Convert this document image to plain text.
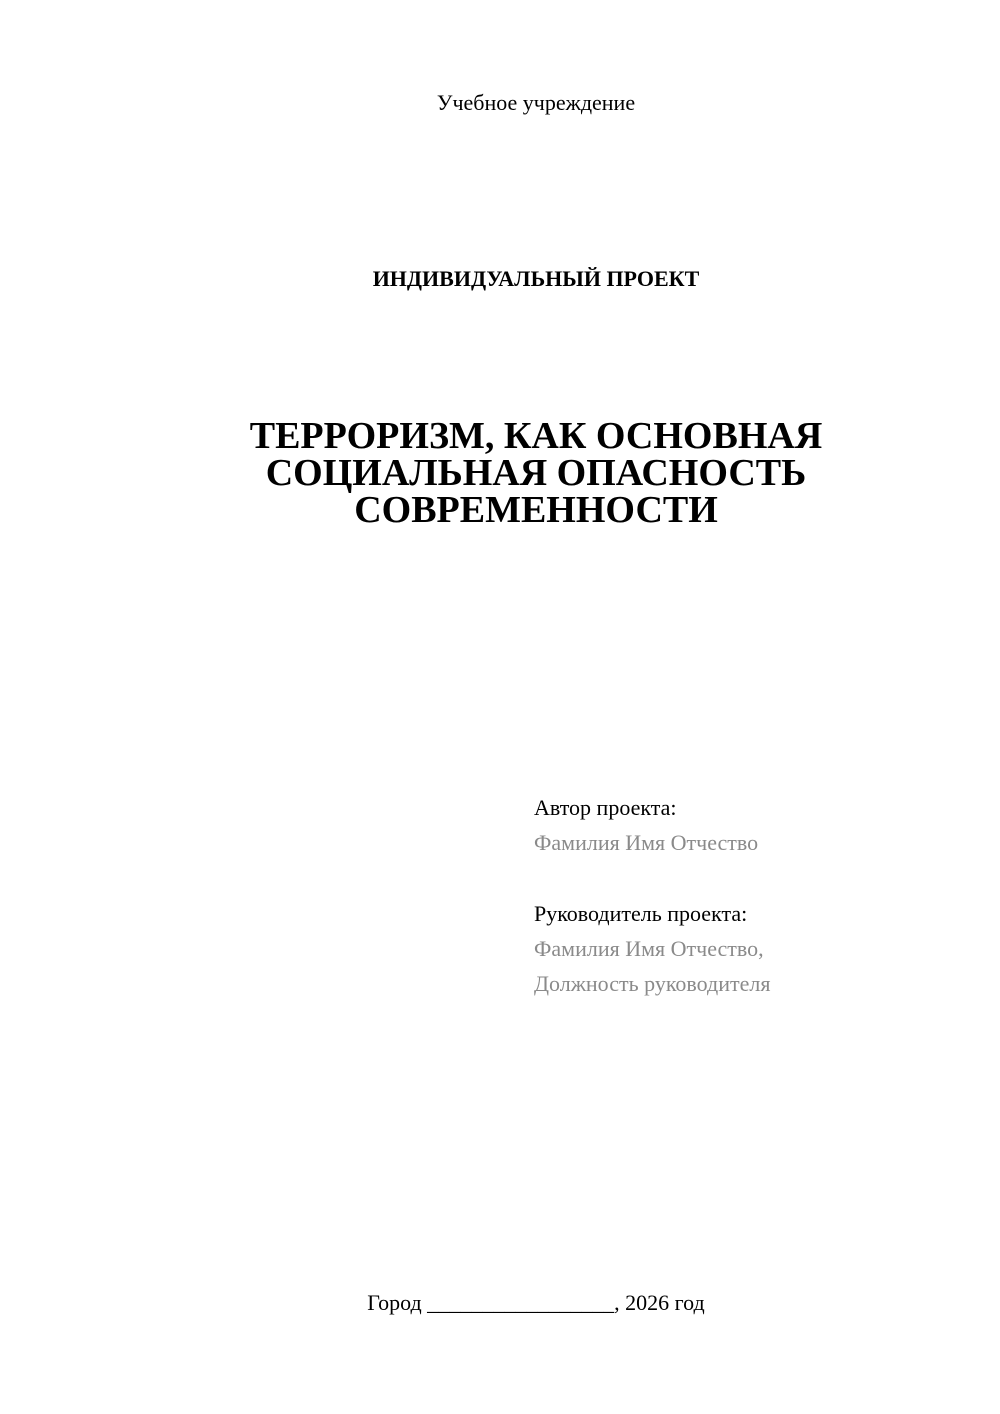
Учебное учреждение
ИНДИВИДУАЛЬНЫЙ ПРОЕКТ
ТЕРРОРИЗМ, КАК ОСНОВНАЯ
СОЦИАЛЬНАЯ ОПАСНОСТЬ
СОВРЕМЕННОСТИ
Автор проекта:
Фамилия Имя Отчество
Руководитель проекта:
Фамилия Имя Отчество,
Должность руководителя
Город _________________, 2026 год
